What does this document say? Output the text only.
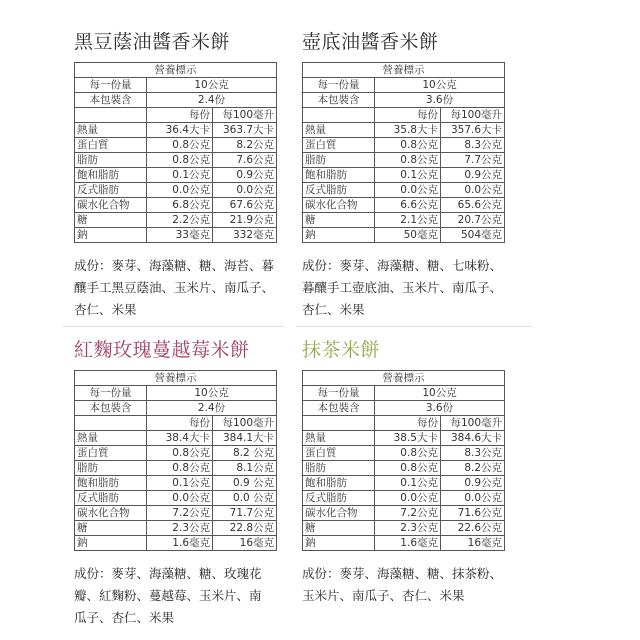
黑豆蔭油醬香米餅
營養標示		
每一份量	10公克	
本包裝含	2.4份	
	每份	每100毫升
熱量	36.4大卡	363.7大卡
蛋白質	0.8公克	8.2公克
脂肪	0.8公克	7.6公克
飽和脂肪	0.1公克	0.9公克
反式脂肪	0.0公克	0.0公克
碳水化合物	6.8公克	67.6公克
糖	2.2公克	21.9公克
鈉	33毫克	332毫克
成份：麥芽、海藻糖、糖、海苔、暮
釀手工黑豆蔭油、玉米片、南瓜子、
杏仁、米果
壺底油醬香米餅
營養標示		
每一份量	10公克	
本包裝含	3.6份	
	每份	每100毫升
熱量	35.8大卡	357.6大卡
蛋白質	0.8公克	8.3公克
脂肪	0.8公克	7.7公克
飽和脂肪	0.1公克	0.9公克
反式脂肪	0.0公克	0.0公克
碳水化合物	6.6公克	65.6公克
糖	2.1公克	20.7公克
鈉	50毫克	504毫克
成份：麥芽、海藻糖、糖、七味粉、
暮釀手工壺底油、玉米片、南瓜子、
杏仁、米果
紅麴玫瑰蔓越莓米餅
營養標示		
每一份量	10公克	
本包裝含	2.4份	
	每份	每100毫升
熱量	38.4大卡	384.1大卡
蛋白質	0.8公克	8.2 公克
脂肪	0.8公克	8.1公克
飽和脂肪	0.1公克	0.9 公克
反式脂肪	0.0公克	0.0 公克
碳水化合物	7.2公克	71.7公克
糖	2.3公克	22.8公克
鈉	1.6毫克	16毫克
成份：麥芽、海藻糖、糖、玫瑰花
瓣、紅麴粉、蔓越莓、玉米片、南
瓜子、杏仁、米果
抹茶米餅
營養標示		
每一份量	10公克	
本包裝含	3.6份	
	每份	每100毫升
熱量	38.5大卡	384.6大卡
蛋白質	0.8公克	8.3公克
脂肪	0.8公克	8.2公克
飽和脂肪	0.1公克	0.9公克
反式脂肪	0.0公克	0.0公克
碳水化合物	7.2公克	71.6公克
糖	2.3公克	22.6公克
鈉	1.6毫克	16毫克
成份：麥芽、海藻糖、糖、抹茶粉、
玉米片、南瓜子、杏仁、米果
